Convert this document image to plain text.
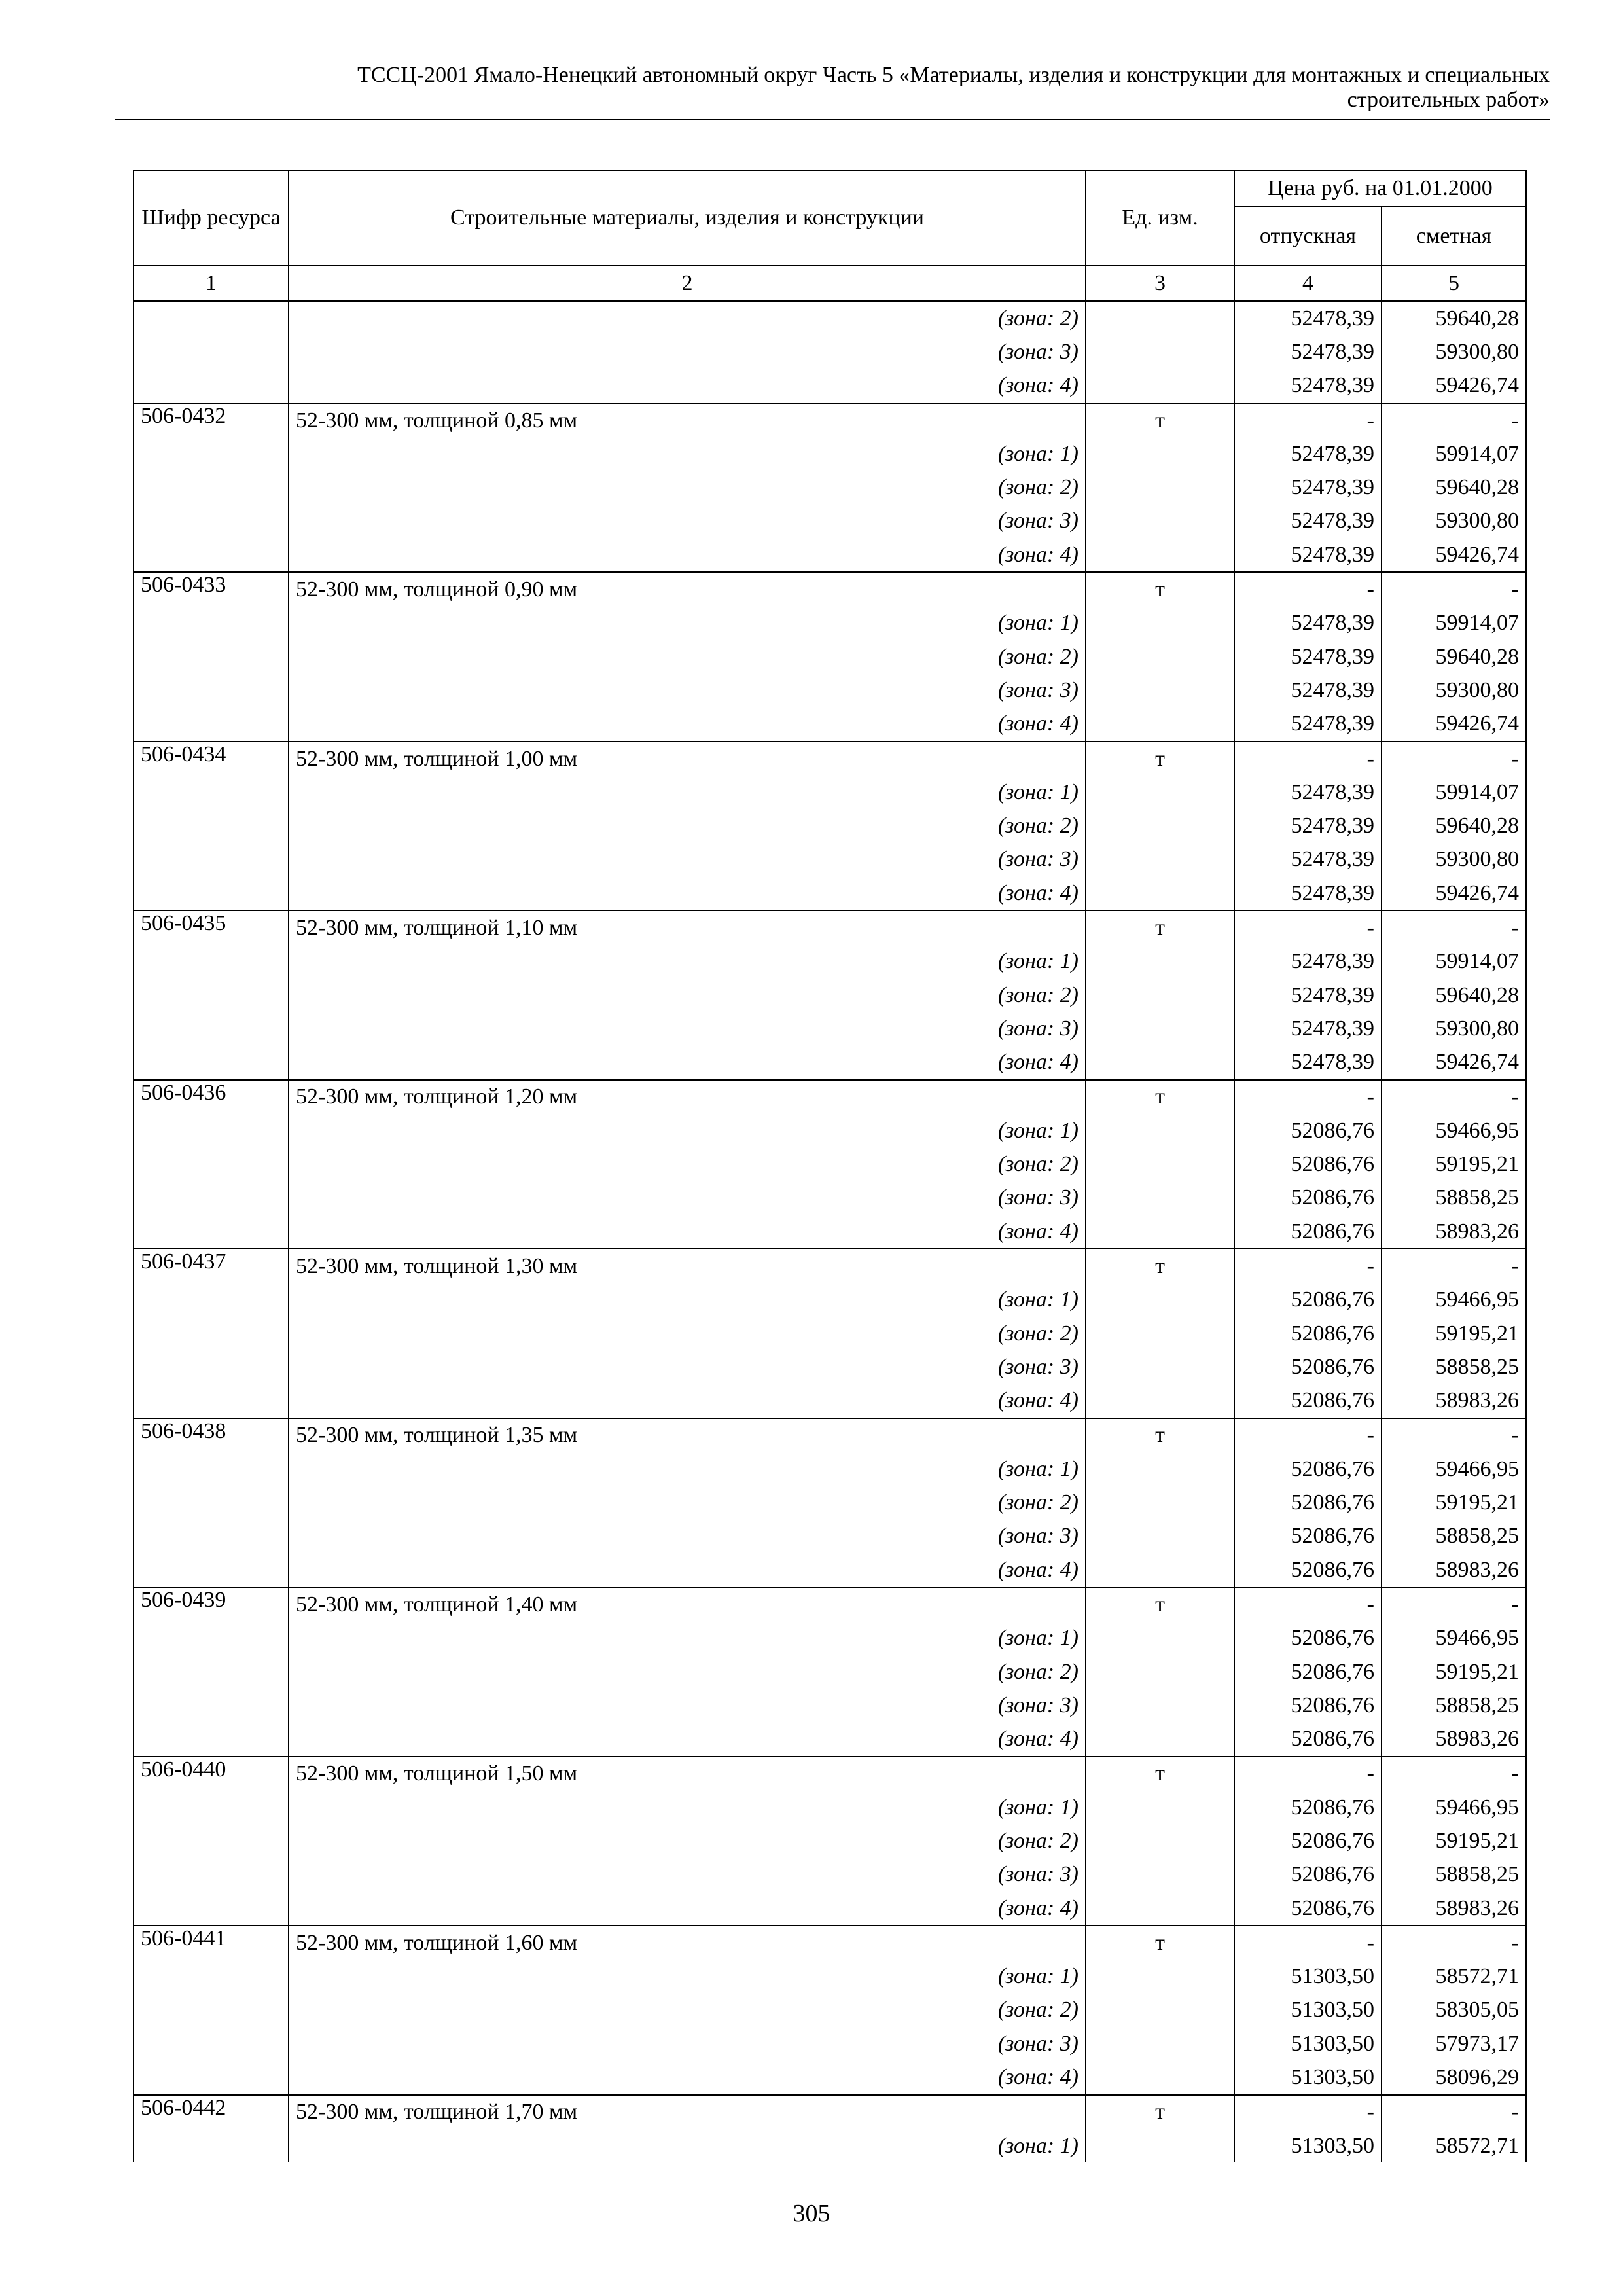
ТССЦ-2001 Ямало-Ненецкий автономный округ Часть 5 «Материалы, изделия и конструкции для монтажных и специальных
строительных работ»
Шифр ресурса	Строительные материалы, изделия и конструкции	Ед. изм.	Цена руб. на 01.01.2000	
			отпускная	сметная
1	2	3	4	5
	(зона: 2)		52478,39	59640,28
	(зона: 3)		52478,39	59300,80
	(зона: 4)		52478,39	59426,74
506-0432	52-300 мм, толщиной 0,85 мм	т	-	-
	(зона: 1)		52478,39	59914,07
	(зона: 2)		52478,39	59640,28
	(зона: 3)		52478,39	59300,80
	(зона: 4)		52478,39	59426,74
506-0433	52-300 мм, толщиной 0,90 мм	т	-	-
	(зона: 1)		52478,39	59914,07
	(зона: 2)		52478,39	59640,28
	(зона: 3)		52478,39	59300,80
	(зона: 4)		52478,39	59426,74
506-0434	52-300 мм, толщиной 1,00 мм	т	-	-
	(зона: 1)		52478,39	59914,07
	(зона: 2)		52478,39	59640,28
	(зона: 3)		52478,39	59300,80
	(зона: 4)		52478,39	59426,74
506-0435	52-300 мм, толщиной 1,10 мм	т	-	-
	(зона: 1)		52478,39	59914,07
	(зона: 2)		52478,39	59640,28
	(зона: 3)		52478,39	59300,80
	(зона: 4)		52478,39	59426,74
506-0436	52-300 мм, толщиной 1,20 мм	т	-	-
	(зона: 1)		52086,76	59466,95
	(зона: 2)		52086,76	59195,21
	(зона: 3)		52086,76	58858,25
	(зона: 4)		52086,76	58983,26
506-0437	52-300 мм, толщиной 1,30 мм	т	-	-
	(зона: 1)		52086,76	59466,95
	(зона: 2)		52086,76	59195,21
	(зона: 3)		52086,76	58858,25
	(зона: 4)		52086,76	58983,26
506-0438	52-300 мм, толщиной 1,35 мм	т	-	-
	(зона: 1)		52086,76	59466,95
	(зона: 2)		52086,76	59195,21
	(зона: 3)		52086,76	58858,25
	(зона: 4)		52086,76	58983,26
506-0439	52-300 мм, толщиной 1,40 мм	т	-	-
	(зона: 1)		52086,76	59466,95
	(зона: 2)		52086,76	59195,21
	(зона: 3)		52086,76	58858,25
	(зона: 4)		52086,76	58983,26
506-0440	52-300 мм, толщиной 1,50 мм	т	-	-
	(зона: 1)		52086,76	59466,95
	(зона: 2)		52086,76	59195,21
	(зона: 3)		52086,76	58858,25
	(зона: 4)		52086,76	58983,26
506-0441	52-300 мм, толщиной 1,60 мм	т	-	-
	(зона: 1)		51303,50	58572,71
	(зона: 2)		51303,50	58305,05
	(зона: 3)		51303,50	57973,17
	(зона: 4)		51303,50	58096,29
506-0442	52-300 мм, толщиной 1,70 мм	т	-	-
	(зона: 1)		51303,50	58572,71
305
